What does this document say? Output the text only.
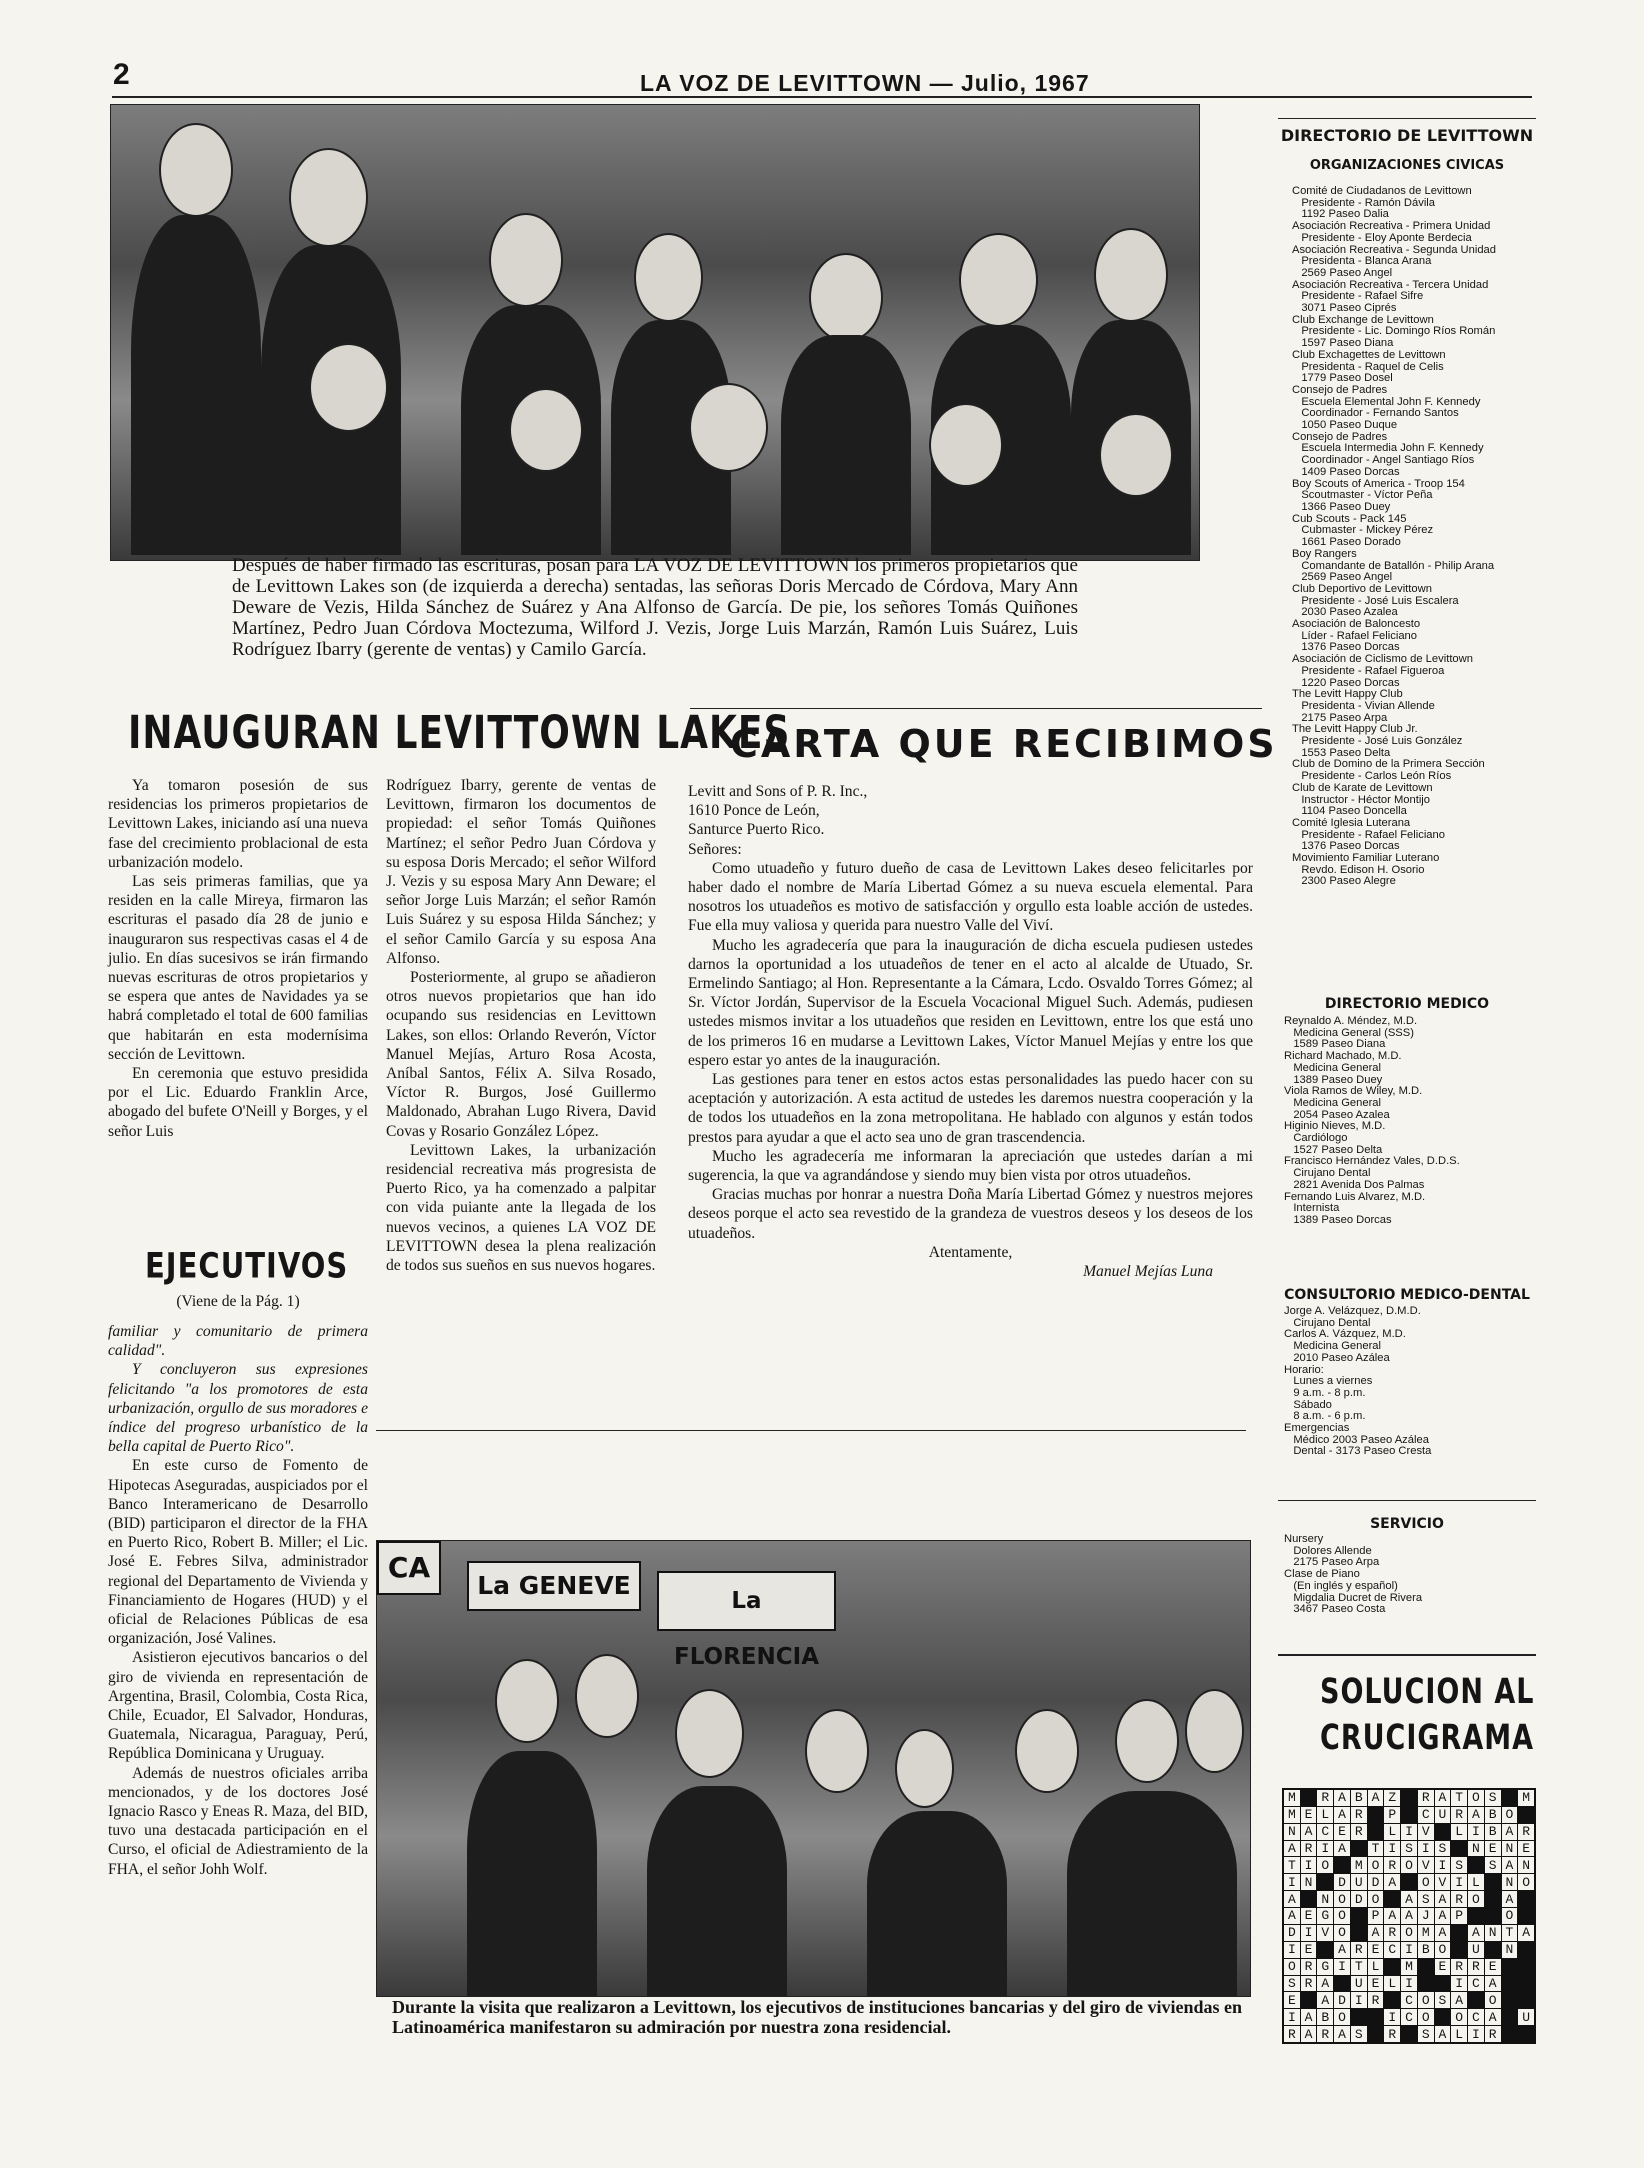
2	LA VOZ DE LEVITTOWN — Julio, 1967
Después de haber firmado las escrituras, posan para LA VOZ DE LEVITTOWN los primeros propietarios que de Levittown Lakes son (de izquierda a derecha) sentadas, las señoras Doris Mercado de Córdova, Mary Ann Deware de Vezis, Hilda Sánchez de Suárez y Ana Alfonso de García. De pie, los señores Tomás Quiñones Martínez, Pedro Juan Córdova Moctezuma, Wilford J. Vezis, Jorge Luis Marzán, Ramón Luis Suárez, Luis Rodríguez Ibarry (gerente de ventas) y Camilo García.
INAUGURAN LEVITTOWN LAKES

Ya tomaron posesión de sus residencias los primeros propietarios de Levittown Lakes, iniciando así una nueva fase del crecimiento problacional de esta urbanización modelo.

Las seis primeras familias, que ya residen en la calle Mireya, firmaron las escrituras el pasado día 28 de junio e inauguraron sus respectivas casas el 4 de julio. En días sucesivos se irán firmando nuevas escrituras de otros propietarios y se espera que antes de Navidades ya se habrá completado el total de 600 familias que habitarán en esta modernísima sección de Levittown.

En ceremonia que estuvo presidida por el Lic. Eduardo Franklin Arce, abogado del bufete O'Neill y Borges, y el señor Luis

Rodríguez Ibarry, gerente de ventas de Levittown, firmaron los documentos de propiedad: el señor Tomás Quiñones Martínez; el señor Pedro Juan Córdova y su esposa Doris Mercado; el señor Wilford J. Vezis y su esposa Mary Ann Deware; el señor Jorge Luis Marzán; el señor Ramón Luis Suárez y su esposa Hilda Sánchez; y el señor Camilo García y su esposa Ana Alfonso.

Posteriormente, al grupo se añadieron otros nuevos propietarios que han ido ocupando sus residencias en Levittown Lakes, son ellos: Orlando Reverón, Víctor Manuel Mejías, Arturo Rosa Acosta, Aníbal Santos, Félix A. Silva Rosado, Víctor R. Burgos, José Guillermo Maldonado, Abrahan Lugo Rivera, David Covas y Rosario González López.

Levittown Lakes, la urbanización residencial recreativa más progresista de Puerto Rico, ya ha comenzado a palpitar con vida puiante ante la llegada de los nuevos vecinos, a quienes LA VOZ DE LEVITTOWN desea la plena realización de todos sus sueños en sus nuevos hogares.

EJECUTIVOS
(Viene de la Pág. 1)

familiar y comunitario de primera calidad".

Y concluyeron sus expresiones felicitando "a los promotores de esta urbanización, orgullo de sus moradores e índice del progreso urbanístico de la bella capital de Puerto Rico".

En este curso de Fomento de Hipotecas Aseguradas, auspiciados por el Banco Interamericano de Desarrollo (BID) participaron el director de la FHA en Puerto Rico, Robert B. Miller; el Lic. José E. Febres Silva, administrador regional del Departamento de Vivienda y Financiamiento de Hogares (HUD) y el oficial de Relaciones Públicas de esa organización, José Valines.

Asistieron ejecutivos bancarios o del giro de vivienda en representación de Argentina, Brasil, Colombia, Costa Rica, Chile, Ecuador, El Salvador, Honduras, Guatemala, Nicaragua, Paraguay, Perú, República Dominicana y Uruguay.

Además de nuestros oficiales arriba mencionados, y de los doctores José Ignacio Rasco y Eneas R. Maza, del BID, tuvo una destacada participación en el Curso, el oficial de Adiestramiento de la FHA, el señor Johh Wolf.

CARTA QUE RECIBIMOS

Levitt and Sons of P. R. Inc.,

1610 Ponce de León,

Santurce Puerto Rico.

Señores:

Como utuadeño y futuro dueño de casa de Levittown Lakes deseo felicitarles por haber dado el nombre de María Libertad Gómez a su nueva escuela elemental. Para nosotros los utuadeños es motivo de satisfacción y orgullo esta loable acción de ustedes. Fue ella muy valiosa y querida para nuestro Valle del Viví.

Mucho les agradecería que para la inauguración de dicha escuela pudiesen ustedes darnos la oportunidad a los utuadeños de tener en el acto al alcalde de Utuado, Sr. Ermelindo Santiago; al Hon. Representante a la Cámara, Lcdo. Osvaldo Torres Gómez; al Sr. Víctor Jordán, Supervisor de la Escuela Vocacional Miguel Such. Además, pudiesen ustedes mismos invitar a los utuadeños que residen en Levittown, entre los que está uno de los primeros 16 en mudarse a Levittown Lakes, Víctor Manuel Mejías y entre los que espero estar yo antes de la inauguración.

Las gestiones para tener en estos actos estas personalidades las puedo hacer con su aceptación y autorización. A esta actitud de ustedes les daremos nuestra cooperación y la de todos los utuadeños en la zona metropolitana. He hablado con algunos y están todos prestos para ayudar a que el acto sea uno de gran trascendencia.

Mucho les agradecería me informaran la apreciación que ustedes darían a mi sugerencia, la que va agrandándose y siendo muy bien vista por otros utuadeños.

Gracias muchas por honrar a nuestra Doña María Libertad Gómez y nuestros mejores deseos porque el acto sea revestido de la grandeza de vuestros deseos y los deseos de los utuadeños.

Atentamente,

Manuel Mejías Luna

CA
La GENEVE
La FLORENCIA
Durante la visita que realizaron a Levittown, los ejecutivos de instituciones bancarias y del giro de viviendas en Latinoamérica manifestaron su admiración por nuestra zona residencial.
DIRECTORIO DE LEVITTOWN
ORGANIZACIONES CIVICAS
Comité de Ciudadanos de Levittown
Presidente - Ramón Dávila
1192 Paseo Dalia
Asociación Recreativa - Primera Unidad
Presidente - Eloy Aponte Berdecia
Asociación Recreativa - Segunda Unidad
Presidenta - Blanca Arana
2569 Paseo Angel
Asociación Recreativa - Tercera Unidad
Presidente - Rafael Sifre
3071 Paseo Ciprés
Club Exchange de Levittown
Presidente - Lic. Domingo Ríos Román
1597 Paseo Diana
Club Exchagettes de Levittown
Presidenta - Raquel de Celis
1779 Paseo Dosel
Consejo de Padres
Escuela Elemental John F. Kennedy
Coordinador - Fernando Santos
1050 Paseo Duque
Consejo de Padres
Escuela Intermedia John F. Kennedy
Coordinador - Angel Santiago Ríos
1409 Paseo Dorcas
Boy Scouts of America - Troop 154
Scoutmaster - Víctor Peña
1366 Paseo Duey
Cub Scouts - Pack 145
Cubmaster - Mickey Pérez
1661 Paseo Dorado
Boy Rangers
Comandante de Batallón - Philip Arana
2569 Paseo Angel
Club Deportivo de Levittown
Presidente - José Luis Escalera
2030 Paseo Azalea
Asociación de Baloncesto
Líder - Rafael Feliciano
1376 Paseo Dorcas
Asociación de Ciclismo de Levittown
Presidente - Rafael Figueroa
1220 Paseo Dorcas
The Levitt Happy Club
Presidenta - Vivian Allende
2175 Paseo Arpa
The Levitt Happy Club Jr.
Presidente - José Luis González
1553 Paseo Delta
Club de Domino de la Primera Sección
Presidente - Carlos León Ríos
Club de Karate de Levittown
Instructor - Héctor Montijo
1104 Paseo Doncella
Comité Iglesia Luterana
Presidente - Rafael Feliciano
1376 Paseo Dorcas
Movimiento Familiar Luterano
Revdo. Edison H. Osorio
2300 Paseo Alegre
DIRECTORIO MEDICO
Reynaldo A. Méndez, M.D.
Medicina General (SSS)
1589 Paseo Diana
Richard Machado, M.D.
Medicina General
1389 Paseo Duey
Viola Ramos de Wiley, M.D.
Medicina General
2054 Paseo Azalea
Higinio Nieves, M.D.
Cardiólogo
1527 Paseo Delta
Francisco Hernández Vales, D.D.S.
Cirujano Dental
2821 Avenida Dos Palmas
Fernando Luis Alvarez, M.D.
Internista
1389 Paseo Dorcas
CONSULTORIO MEDICO-DENTAL
Jorge A. Velázquez, D.M.D.
Cirujano Dental
Carlos A. Vázquez, M.D.
Medicina General
2010 Paseo Azálea
Horario:
Lunes a viernes
9 a.m. - 8 p.m.
Sábado
8 a.m. - 6 p.m.
Emergencias
Médico 2003 Paseo Azálea
Dental - 3173 Paseo Cresta
SERVICIO
Nursery
Dolores Allende
2175 Paseo Arpa
Clase de Piano
(En inglés y español)
Migdalia Ducret de Rivera
3467 Paseo Costa
SOLUCION AL
CRUCIGRAMA
M	R A B A Z	R A T O S	M
M E L A R	P	C U R A B O
N A C E R	L I V	L I B A R
A R I A	T I S I S	N E N E
T I O	M O R O V I S	S A N
I N	D U D A	O V I L	N O
A	N O D O	A S A R O	A
A E G O	P A A J A P	O
D I V O	A R O M A	A N T A
I E	A R E C I B O	U	N
O R G I T L	M	E R R E
S R A	U E L I	I C A
E	A D I R	C O S A	O
I A B O	I C O	O C A	U
R A R A S	R	S A L I R
